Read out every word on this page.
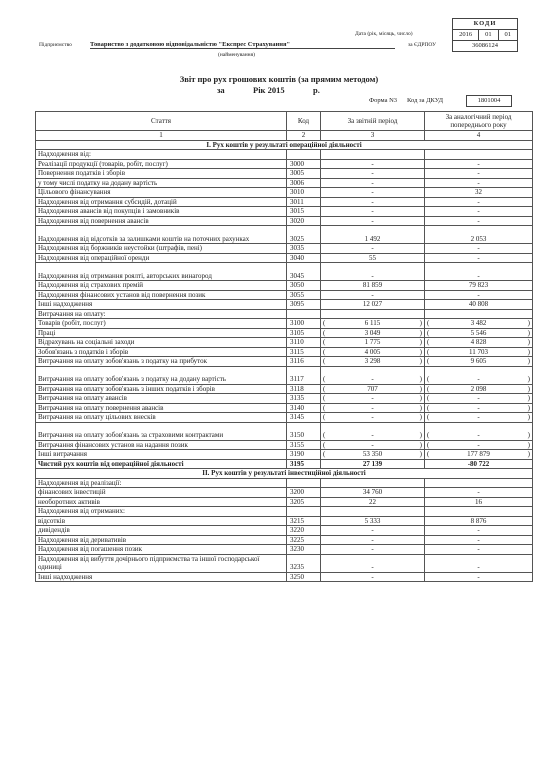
КОДИ
2016	01	01
36086124
Дата (рік, місяць, число)
за ЄДРПОУ
Підприємство	Товариство з додатковою відповідальністю "Експрес Страхування"
(найменування)
Звіт про рух грошових коштів (за прямим методом)
за	Рік 2015	р.
Форма N3 Код за ДКУД	1801004
Стаття	Код	За звітній період	За аналогічний період попереднього року
1	2	3	4
I. Рух коштів у результаті операційної діяльності			
Надходження від:			
Реалізації продукції (товарів, робіт, послуг)	3000	-	-
Повернення податків і зборів	3005	-	-
у тому числі податку на додану вартість	3006	-	-
Цільового фінансування	3010	-	32
Надходження від отримання субсидій, дотацій	3011	-	-
Надходження авансів від покупців і замовників	3015	-	-
Надходження від повернення авансів	3020	-	-
Надходження від відсотків за залишками коштів на поточних рахунках	3025	1 492	2 053
Надходження від боржників неустойки (штрафів, пені)	3035	-	-
Надходження від операційної оренди	3040	55	-
Надходження від отримання роялті, авторських винагород	3045	-	-
Надходження від страхових премій	3050	81 859	79 823
Надходження фінансових установ від повернення позик	3055	-	-
Інші надходження	3095	12 027	40 808
Витрачання на оплату:			
Товарів (робіт, послуг)	3100	( 6 115 )	( 3 482 )

Праці	3105	( 3 049 )	( 5 546 )

Відрахувань на соціальні заходи	3110	( 1 775 )	( 4 828 )

Зобов'язань з податків і зборів	3115	( 4 005 )	( 11 703 )

Витрачання на оплату зобов'язань з податку на прибуток	3116	( 3 298 )	( 9 605 )

Витрачання на оплату зобов'язань з податку на додану вартість	3117	( - )	( - )

Витрачання на оплату зобов'язань з інших податків і зборів	3118	( 707 )	( 2 098 )

Витрачання на оплату авансів	3135	( - )	( - )

Витрачання на оплату повернення авансів	3140	( - )	( - )

Витрачання на оплату цільових внесків	3145	( - )	( - )

Витрачання на оплату зобов'язань за страховими контрактами	3150	( - )	( - )

Витрачання фінансових установ на надання позик	3155	( - )	( - )

Інші витрачання	3190	( 53 350 )	( 177 879 )

Чистий рух коштів від операційної діяльності	3195	27 139	-80 722
II. Рух коштів у результаті інвестиційної діяльності			
Надходження від реалізації:			
фінансових інвестицій	3200	34 760	-
необоротних активів	3205	22	16
Надходження від отриманих:			
відсотків	3215	5 333	8 876
дивідендів	3220	-	-
Надходження від деривативів	3225	-	-
Надходження від погашення позик	3230	-	-
Надходження від вибуття дочірнього підприємства та іншої господарської одиниці	3235	-	-
Інші надходження	3250	-	-
